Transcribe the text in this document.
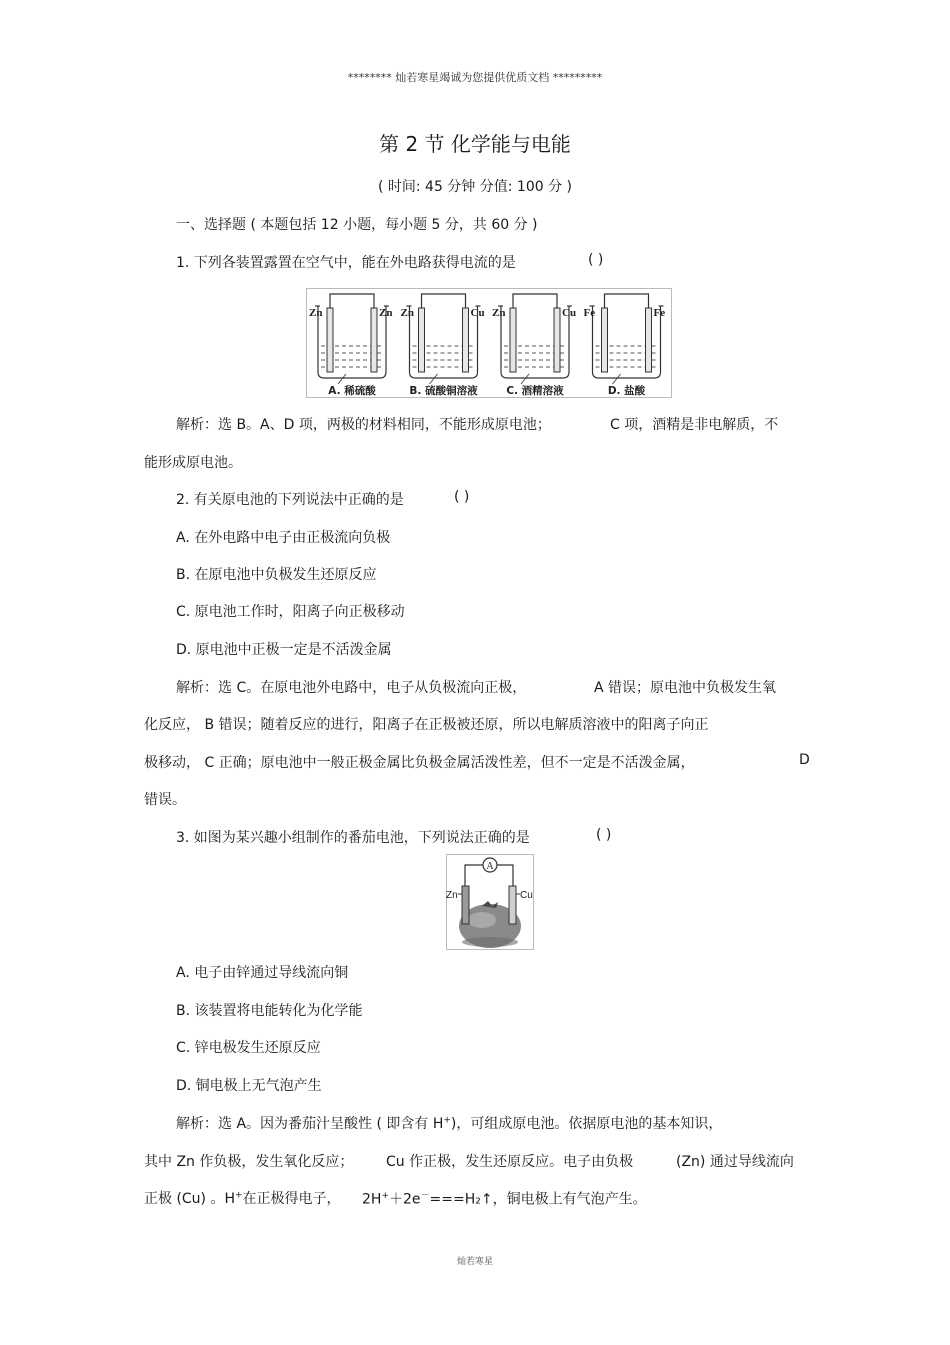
******** 灿若寒星竭诚为您提供优质文档 *********
第 2 节 化学能与电能
( 时间: 45 分钟 分值: 100 分 )
一、选择题 ( 本题包括 12 小题，每小题 5 分，共 60 分 )
1. 下列各装置露置在空气中，能在外电路获得电流的是	( )
Zn	Zn
A. 稀硫酸
Zn	Cu
B. 硫酸铜溶液
Zn	Cu
C. 酒精溶液
Fe	Fe
D. 盐酸
解析：选 B。A、D 项，两极的材料相同，不能形成原电池；	C 项，酒精是非电解质，不
能形成原电池。
2. 有关原电池的下列说法中正确的是	( )
A. 在外电路中电子由正极流向负极
B. 在原电池中负极发生还原反应
C. 原电池工作时，阳离子向正极移动
D. 原电池中正极一定是不活泼金属
解析：选 C。在原电池外电路中，电子从负极流向正极，	A 错误；原电池中负极发生氧
化反应， B 错误；随着反应的进行，阳离子在正极被还原，所以电解质溶液中的阳离子向正
极移动， C 正确；原电池中一般正极金属比负极金属活泼性差，但不一定是不活泼金属，	D
错误。
3. 如图为某兴趣小组制作的番茄电池，下列说法正确的是	( )
A
Zn	Cu
A. 电子由锌通过导线流向铜
B. 该装置将电能转化为化学能
C. 锌电极发生还原反应
D. 铜电极上无气泡产生
解析：选 A。因为番茄汁呈酸性 ( 即含有 H+)，可组成原电池。依据原电池的基本知识，
其中 Zn 作负极，发生氧化反应； Cu 作正极，发生还原反应。电子由负极	(Zn) 通过导线流向
正极 (Cu) 。H+在正极得电子， 2H+＋2e－===H₂↑，铜电极上有气泡产生。
灿若寒星
